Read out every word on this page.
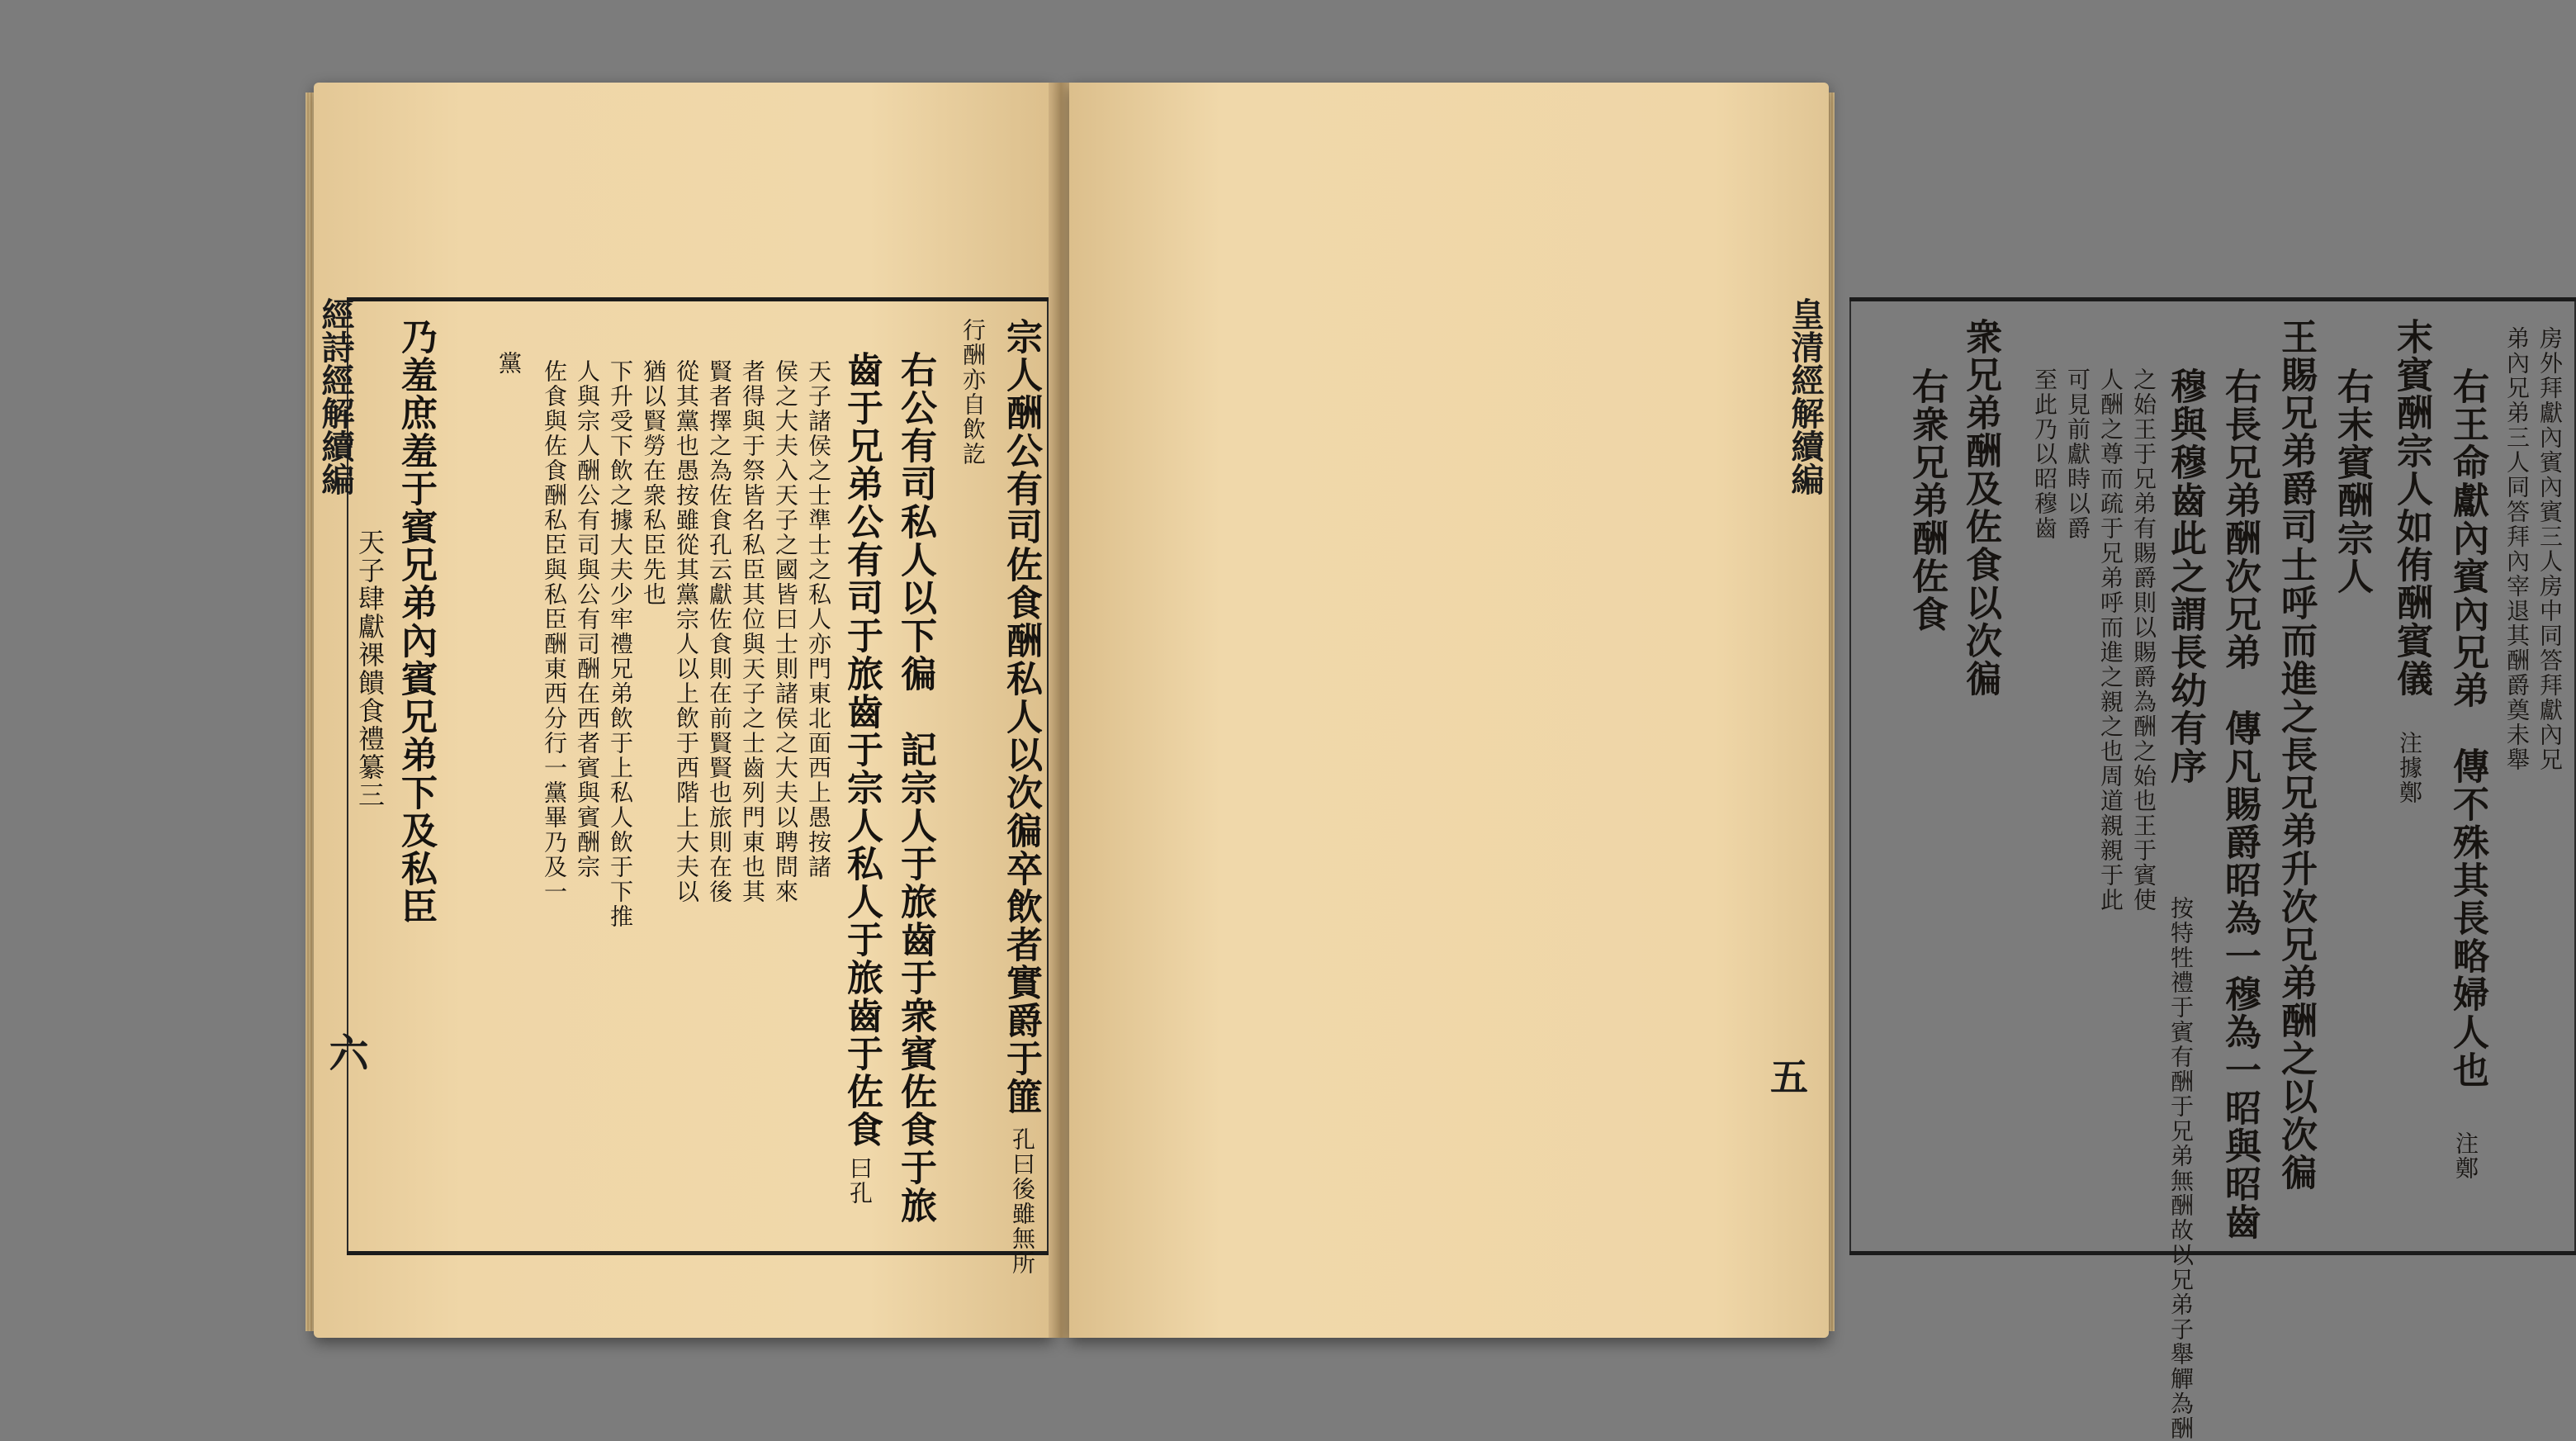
宗人酬公有司佐食酬私人以次徧卒飲者實爵于篚
孔曰後雖無所
行酬亦自飲訖
右公有司私人以下徧　記宗人于旅齒于衆賓佐食于旅
齒于兄弟公有司于旅齒于宗人私人于旅齒于佐食
曰孔
天子諸侯之士準士之私人亦門東北面西上愚按諸
侯之大夫入天子之國皆曰士則諸侯之大夫以聘問來
者得與于祭皆名私臣其位與天子之士齒列門東也其
賢者擇之為佐食孔云獻佐食則在前賢賢也旅則在後
從其黨也愚按雖從其黨宗人以上飲于西階上大夫以
猶以賢勞在衆私臣先也
下升受下飲之據大夫少牢禮兄弟飲于上私人飲于下推
人與宗人酬公有司與公有司酬在西者賓與賓酬宗
佐食與佐食酬私臣與私臣酬東西分行一黨畢乃及一
黨
乃羞庶羞于賓兄弟內賓兄弟下及私臣
經詩經解續編
天子肆獻祼饋食禮纂三
六
房外拜獻內賓內賓三人房中同答拜獻內兄
弟內兄弟三人同答拜內宰退其酬爵奠未舉
右王命獻內賓內兄弟　傳不殊其長略婦人也
注鄭
末賓酬宗人如侑酬賓儀
注據鄭
右末賓酬宗人
王賜兄弟爵司士呼而進之長兄弟升次兄弟酬之以次徧
右長兄弟酬次兄弟　傳凡賜爵昭為一穆為一昭與昭齒
穆與穆齒此之謂長幼有序
按特牲禮于賓有酬于兄弟無酬故以兄弟子舉觶為酬
之始王于兄弟有賜爵則以賜爵為酬之始也王于賓使
人酬之尊而疏于兄弟呼而進之親之也周道親親于此
可見前獻時以爵
至此乃以昭穆齒
衆兄弟酬及佐食以次徧
右衆兄弟酬佐食
皇清經解續編
五
